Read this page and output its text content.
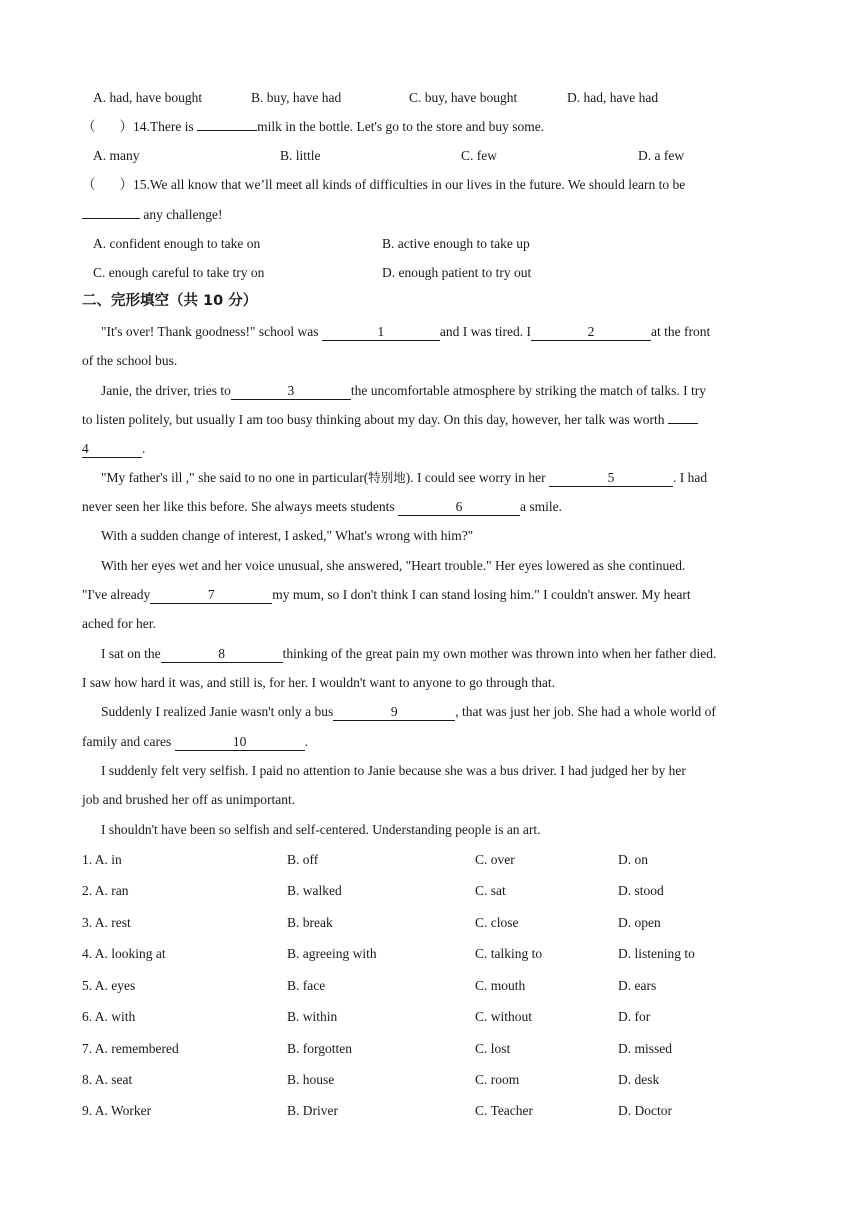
A. had, have bought	B. buy, have had	C. buy, have bought	D. had, have had
（ ）14.There is	milk in the bottle. Let's go to the store and buy some.
A. many	B. little	C. few	D. a few
（ ）15.We all know that we’ll meet all kinds of difficulties in our lives in the future. We should learn to be
any challenge!
A. confident enough to take on	B. active enough to take up
C. enough careful to take try on	D. enough patient to try out
二、完形填空（共 10 分）
"It's over! Thank goodness!" school was	1	and I was tired. I	2	at the front
of the school bus.
Janie, the driver, tries to	3	the uncomfortable atmosphere by striking the match of talks. I try
to listen politely, but usually I am too busy thinking about my day. On this day, however, her talk was worth
4	.
"My father's ill ," she said to no one in particular(特别地). I could see worry in her	5	. I had
never seen her like this before. She always meets students	6	a smile.
With a sudden change of interest, I asked," What's wrong with him?"
With her eyes wet and her voice unusual, she answered, "Heart trouble." Her eyes lowered as she continued.
"I've already	7	my mum, so I don't think I can stand losing him." I couldn't answer. My heart
ached for her.
I sat on the	8	thinking of the great pain my own mother was thrown into when her father died.
I saw how hard it was, and still is, for her. I wouldn't want to anyone to go through that.
Suddenly I realized Janie wasn't only a bus	9	, that was just her job. She had a whole world of
family and cares	10	.
I suddenly felt very selfish. I paid no attention to Janie because she was a bus driver. I had judged her by her
job and brushed her off as unimportant.
I shouldn't have been so selfish and self-centered. Understanding people is an art.
1. A. in	B. off	C. over	D. on
2. A. ran	B. walked	C. sat	D. stood
3. A. rest	B. break	C. close	D. open
4. A. looking at	B. agreeing with	C. talking to	D. listening to
5. A. eyes	B. face	C. mouth	D. ears
6. A. with	B. within	C. without	D. for
7. A. remembered	B. forgotten	C. lost	D. missed
8. A. seat	B. house	C. room	D. desk
9. A. Worker	B. Driver	C. Teacher	D. Doctor
